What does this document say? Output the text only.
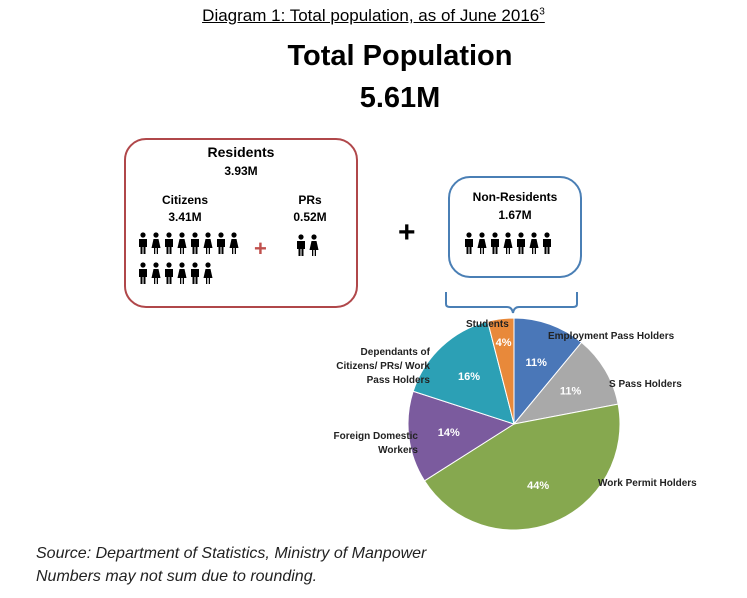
Diagram 1: Total population, as of June 2016$^3$
Total Population
5.61M
Residents
3.93M
Citizens
3.41M
+
PRs
0.52M	+
Non-Residents
1.67M
11%
11%
44%
14%
16%
4%
Students
Employment Pass Holders
S Pass Holders
Work Permit Holders
Foreign Domestic Workers
Dependants of Citizens/ PRs/ Work Pass Holders
Source: Department of Statistics, Ministry of Manpower
Numbers may not sum due to rounding.
